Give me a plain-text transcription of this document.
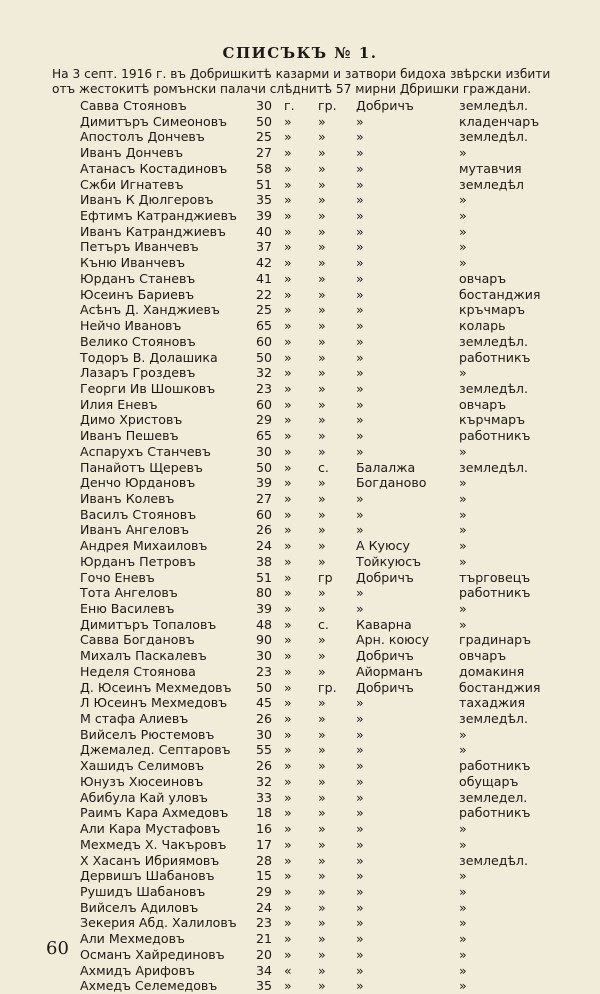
СПИСЪКЪ № 1.
На 3 септ. 1916 г. въ Добришкитѣ казарми и затвори бидоха звѣрски избити
отъ жестокитѣ ромънски палачи слѣднитѣ 57 мирни Дбришки граждани.
Савва Стояновъ	30 г. гр. Добричъ	земледѣл.
Димитъръ Симеоновъ 50 » » »	кладенчаръ
Апостолъ Дончевъ	25 » » »	земледѣл.
Иванъ Дончевъ	27 » » »	»
Атанасъ Костадиновъ 58 » » »	мутавчия
Сжби Игнатевъ	51 » » »	земледѣл
Иванъ К Дюлгеровъ	35 » » »	»
Ефтимъ Катранджиевъ 39 » » »	»
Иванъ Катранджиевъ 40 » » »	»
Петъръ Иванчевъ	37 » » »	»
Къню Иванчевъ	42 » » »	»
Юрданъ Станевъ	41 » » »	овчаръ
Юсеинъ Бариевъ	22 » » »	бостанджия
Асѣнъ Д. Ханджиевъ	25 » » »	кръчмаръ
Нейчо Ивановъ	65 » » »	коларь
Велико Стояновъ	60 » » »	земледѣл.
Тодоръ В. Долашика	50 » » »	работникъ
Лазаръ Гроздевъ	32 » » »	»
Георги Ив Шошковъ	23 » » »	земледѣл.
Илия Еневъ	60 » » »	овчаръ
Димо Христовъ	29 » » »	кърчмаръ
Иванъ Пешевъ	65 » » »	работникъ
Аспарухъ Станчевъ	30 » » »	»
Панайотъ Щеревъ	50 » с. Балалжа	земледѣл.
Денчо Юрдановъ	39 » » Богданово	»
Иванъ Колевъ	27 » » »	»
Василъ Стояновъ	60 » » »	»
Иванъ Ангеловъ	26 » » »	»
Андрея Михаиловъ	24 » » А Куюсу	»
Юрданъ Петровъ	38 » » Тойкуюсъ	»
Гочо Еневъ	51 » гр Добричъ	търговецъ
Тота Ангеловъ	80 » » »	работникъ
Еню Василевъ	39 » » »	»
Димитъръ Топаловъ	48 » с. Каварна	»
Савва Богдановъ	90 » » Арн. коюсу градинаръ
Михалъ Паскалевъ	30 » » Добричъ	овчаръ
Неделя Стоянова	23 » » Айорманъ	домакиня
Д. Юсеинъ Мехмедовъ 50 » гр. Добричъ	бостанджия
Л Юсеинъ Мехмедовъ 45 » » »	тахаджия
М стафа Алиевъ	26 » » »	земледѣл.
Вийселъ Рюстемовъ	30 » » »	»
Джемалед. Септаровъ 55 » » »	»
Хашидъ Селимовъ	26 » » »	работникъ
Юнузъ Хюсеиновъ	32 » » »	обущаръ
Абибула Кай уловъ	33 » » »	земледел.
Раимъ Кара Ахмедовъ 18 » » »	работникъ
Али Кара Мустафовъ	16 » » »	»
Мехмедъ Х. Чакъровъ 17 » » »	»
Х Хасанъ Ибриямовъ	28 » » »	земледѣл.
Дервишъ Шабановъ	15 » » »	»
Рушидъ Шабановъ	29 » » »	»
Вийселъ Адиловъ	24 » » »	»
Зекерия Абд. Халиловъ 23 » » »	»
Али Мехмедовъ	21 » » »	»
Османъ Хайрединовъ 20 » » »	»
Ахмидъ Арифовъ	34 « » »	»
Ахмедъ Селемедовъ	35 » » »	»
60
